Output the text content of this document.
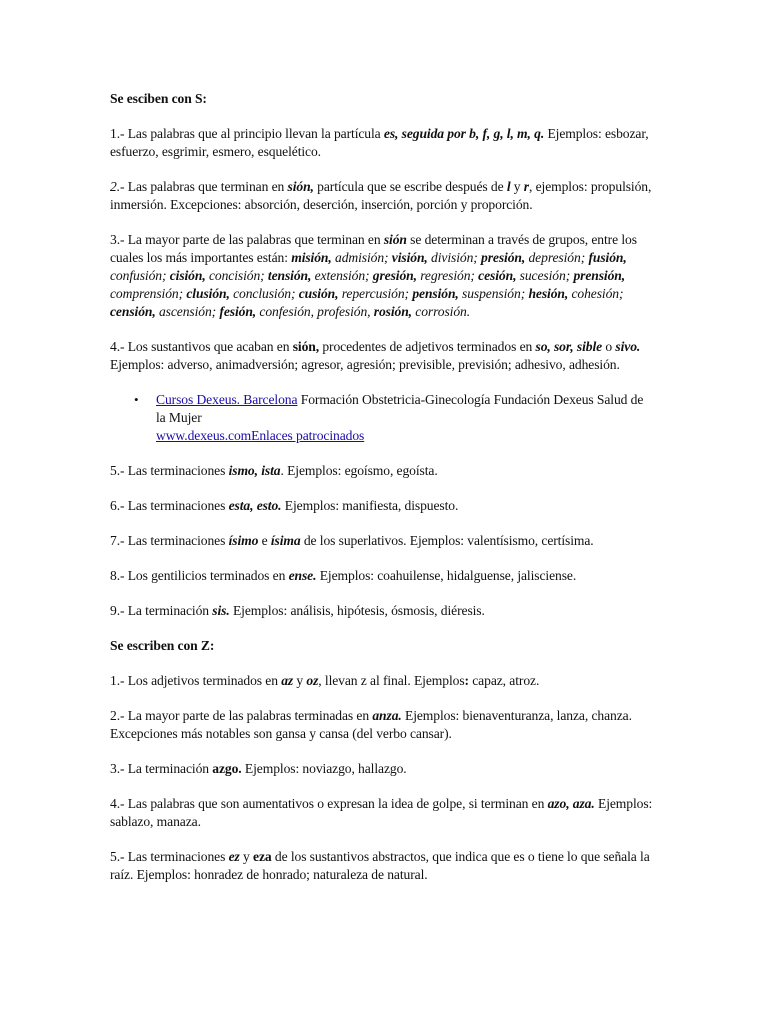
Se esciben con S:

1.- Las palabras que al principio llevan la partícula es, seguida por b, f, g, l, m, q. Ejemplos: esbozar, esfuerzo, esgrimir, esmero, esquelético.

2.- Las palabras que terminan en sión, partícula que se escribe después de l y r, ejemplos: propulsión, inmersión. Excepciones: absorción, deserción, inserción, porción y proporción.

3.- La mayor parte de las palabras que terminan en sión se determinan a través de grupos, entre los cuales los más importantes están: misión, admisión; visión, división; presión, depresión; fusión, confusión; cisión, concisión; tensión, extensión; gresión, regresión; cesión, sucesión; prensión, comprensión; clusión, conclusión; cusión, repercusión; pensión, suspensión; hesión, cohesión; censión, ascensión; fesión, confesión, profesión, rosión, corrosión.

4.- Los sustantivos que acaban en sión, procedentes de adjetivos terminados en so, sor, sible o sivo. Ejemplos: adverso, animadversión; agresor, agresión; previsible, previsión; adhesivo, adhesión.

• Cursos Dexeus. Barcelona Formación Obstetricia-Ginecología Fundación Dexeus Salud de la Mujer
www.dexeus.comEnlaces patrocinados

5.- Las terminaciones ismo, ista. Ejemplos: egoísmo, egoísta.

6.- Las terminaciones esta, esto. Ejemplos: manifiesta, dispuesto.

7.- Las terminaciones ísimo e ísima de los superlativos. Ejemplos: valentísismo, certísima.

8.- Los gentilicios terminados en ense. Ejemplos: coahuilense, hidalguense, jalisciense.

9.- La terminación sis. Ejemplos: análisis, hipótesis, ósmosis, diéresis.

Se escriben con Z:

1.- Los adjetivos terminados en az y oz, llevan z al final. Ejemplos: capaz, atroz.

2.- La mayor parte de las palabras terminadas en anza. Ejemplos: bienaventuranza, lanza, chanza. Excepciones más notables son gansa y cansa (del verbo cansar).

3.- La terminación azgo. Ejemplos: noviazgo, hallazgo.

4.- Las palabras que son aumentativos o expresan la idea de golpe, si terminan en azo, aza. Ejemplos: sablazo, manaza.

5.- Las terminaciones ez y eza de los sustantivos abstractos, que indica que es o tiene lo que señala la raíz. Ejemplos: honradez de honrado; naturaleza de natural.
